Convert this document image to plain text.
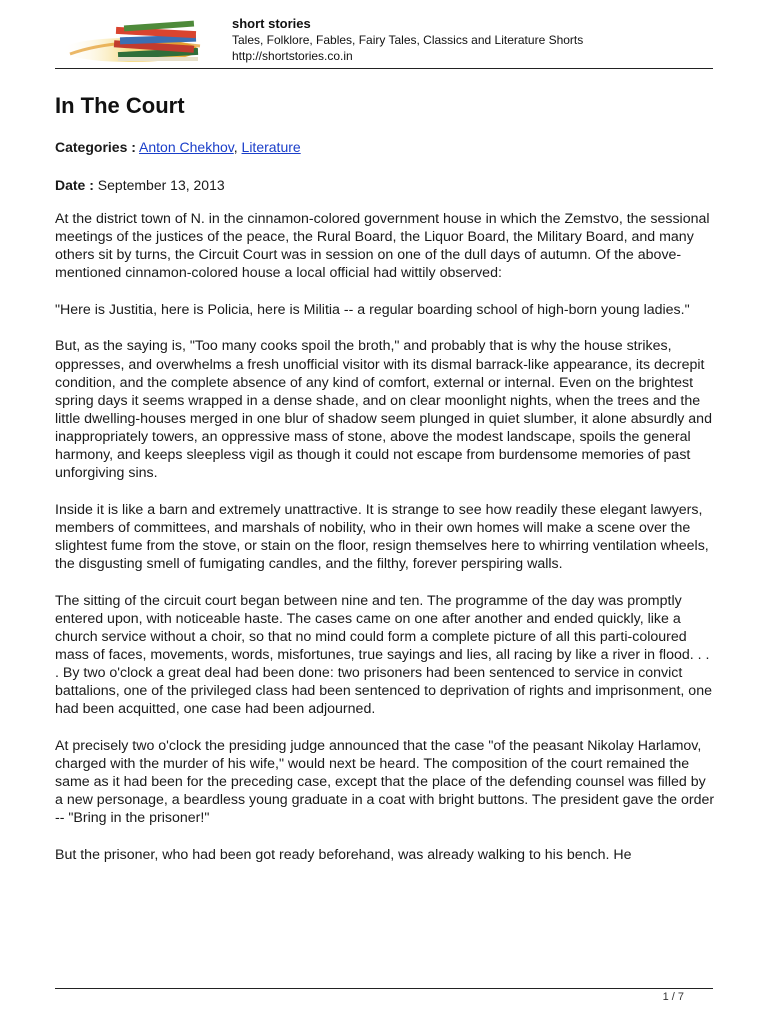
short stories
Tales, Folklore, Fables, Fairy Tales, Classics and Literature Shorts
http://shortstories.co.in
In The Court
Categories : Anton Chekhov, Literature
Date : September 13, 2013

At the district town of N. in the cinnamon-colored government house in which the Zemstvo, the sessional meetings of the justices of the peace, the Rural Board, the Liquor Board, the Military Board, and many others sit by turns, the Circuit Court was in session on one of the dull days of autumn. Of the above-mentioned cinnamon-colored house a local official had wittily observed:

"Here is Justitia, here is Policia, here is Militia -- a regular boarding school of high-born young ladies."

But, as the saying is, "Too many cooks spoil the broth," and probably that is why the house strikes, oppresses, and overwhelms a fresh unofficial visitor with its dismal barrack-like appearance, its decrepit condition, and the complete absence of any kind of comfort, external or internal. Even on the brightest spring days it seems wrapped in a dense shade, and on clear moonlight nights, when the trees and the little dwelling-houses merged in one blur of shadow seem plunged in quiet slumber, it alone absurdly and inappropriately towers, an oppressive mass of stone, above the modest landscape, spoils the general harmony, and keeps sleepless vigil as though it could not escape from burdensome memories of past unforgiving sins.

Inside it is like a barn and extremely unattractive. It is strange to see how readily these elegant lawyers, members of committees, and marshals of nobility, who in their own homes will make a scene over the slightest fume from the stove, or stain on the floor, resign themselves here to whirring ventilation wheels, the disgusting smell of fumigating candles, and the filthy, forever perspiring walls.

The sitting of the circuit court began between nine and ten. The programme of the day was promptly entered upon, with noticeable haste. The cases came on one after another and ended quickly, like a church service without a choir, so that no mind could form a complete picture of all this parti-coloured mass of faces, movements, words, misfortunes, true sayings and lies, all racing by like a river in flood. . . . By two o'clock a great deal had been done: two prisoners had been sentenced to service in convict battalions, one of the privileged class had been sentenced to deprivation of rights and imprisonment, one had been acquitted, one case had been adjourned.

At precisely two o'clock the presiding judge announced that the case "of the peasant Nikolay Harlamov, charged with the murder of his wife," would next be heard. The composition of the court remained the same as it had been for the preceding case, except that the place of the defending counsel was filled by a new personage, a beardless young graduate in a coat with bright buttons. The president gave the order -- "Bring in the prisoner!"

But the prisoner, who had been got ready beforehand, was already walking to his bench. He

1 / 7
